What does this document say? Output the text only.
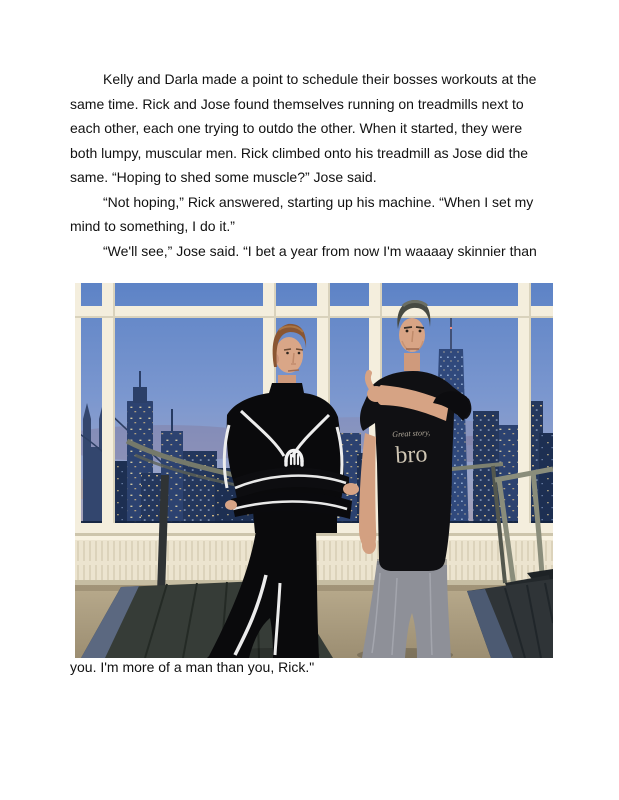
Kelly and Darla made a point to schedule their bosses workouts at the
same time. Rick and Jose found themselves running on treadmills next to
each other, each one trying to outdo the other. When it started, they were
both lumpy, muscular men. Rick climbed onto his treadmill as Jose did the
same. “Hoping to shed some muscle?” Jose said.
“Not hoping,” Rick answered, starting up his machine. “When I set my
mind to something, I do it.”
“We'll see,” Jose said. “I bet a year from now I'm waaaay skinnier than
Great story,
bro
you. I'm more of a man than you, Rick."
